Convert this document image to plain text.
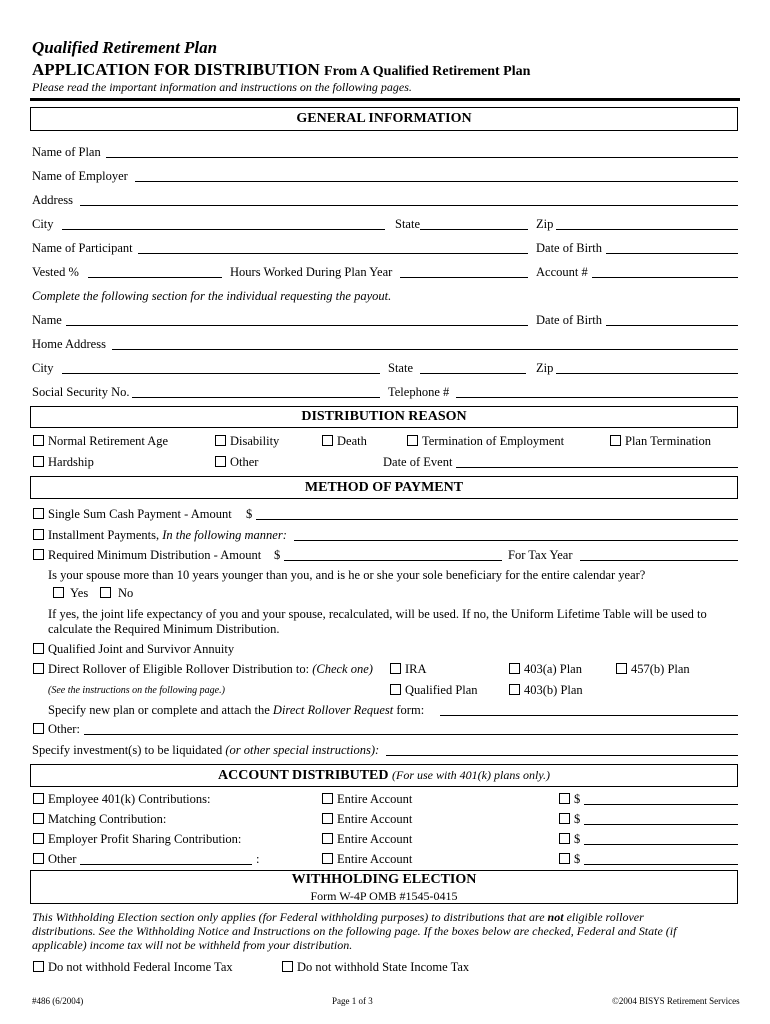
Qualified Retirement Plan
APPLICATION FOR DISTRIBUTION From A Qualified Retirement Plan
Please read the important information and instructions on the following pages.
GENERAL INFORMATION
Name of Plan
Name of Employer
Address
City	State	Zip
Name of Participant	Date of Birth
Vested %	Hours Worked During Plan Year	Account #
Complete the following section for the individual requesting the payout.
Name	Date of Birth
Home Address
City	State	Zip
Social Security No.	Telephone #
DISTRIBUTION REASON
Normal Retirement Age	Disability	Death	Termination of Employment	Plan Termination
Hardship	Other	Date of Event
METHOD OF PAYMENT
Single Sum Cash Payment - Amount $
Installment Payments, In the following manner:
Required Minimum Distribution - Amount $	For Tax Year
Is your spouse more than 10 years younger than you, and is he or she your sole beneficiary for the entire calendar year?
Yes No
If yes, the joint life expectancy of you and your spouse, recalculated, will be used. If no, the Uniform Lifetime Table will be used to
calculate the Required Minimum Distribution.
Qualified Joint and Survivor Annuity
Direct Rollover of Eligible Rollover Distribution to: (Check one)	IRA	403(a) Plan	457(b) Plan
(See the instructions on the following page.)	Qualified Plan	403(b) Plan
Specify new plan or complete and attach the Direct Rollover Request form:
Other:
Specify investment(s) to be liquidated (or other special instructions):
ACCOUNT DISTRIBUTED (For use with 401(k) plans only.)
Employee 401(k) Contributions:	Entire Account	$
Matching Contribution:	Entire Account	$
Employer Profit Sharing Contribution:	Entire Account	$
Other	:	Entire Account	$
WITHHOLDING ELECTION
Form W-4P OMB #1545-0415
This Withholding Election section only applies (for Federal withholding purposes) to distributions that are not eligible rollover
distributions. See the Withholding Notice and Instructions on the following page. If the boxes below are checked, Federal and State (if
applicable) income tax will not be withheld from your distribution.
Do not withhold Federal Income Tax	Do not withhold State Income Tax
#486 (6/2004)	Page 1 of 3	©2004 BISYS Retirement Services
